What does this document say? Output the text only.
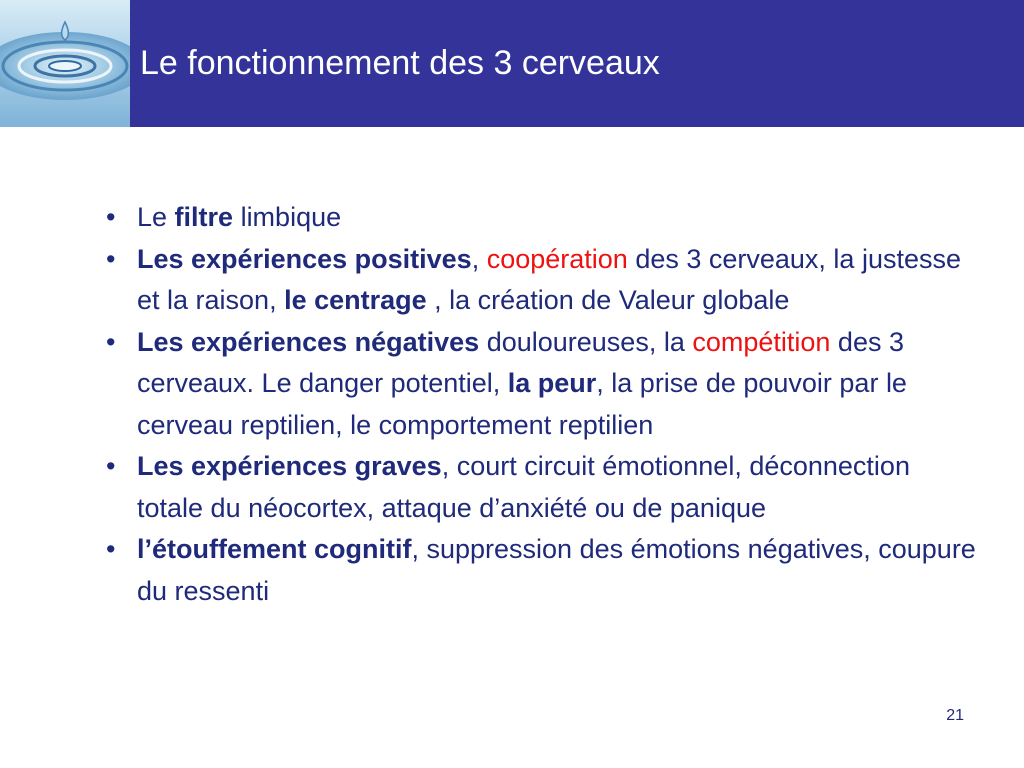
Le fonctionnement des 3 cerveaux
• Le filtre limbique
• Les expériences positives, coopération des 3 cerveaux, la justesse et la raison, le centrage , la création de Valeur globale
• Les expériences négatives douloureuses, la compétition des 3 cerveaux. Le danger potentiel, la peur, la prise de pouvoir par le cerveau reptilien, le comportement reptilien
• Les expériences graves, court circuit émotionnel, déconnection totale du néocortex, attaque d’anxiété ou de panique
• l’étouffement cognitif, suppression des émotions négatives, coupure du ressenti
21
